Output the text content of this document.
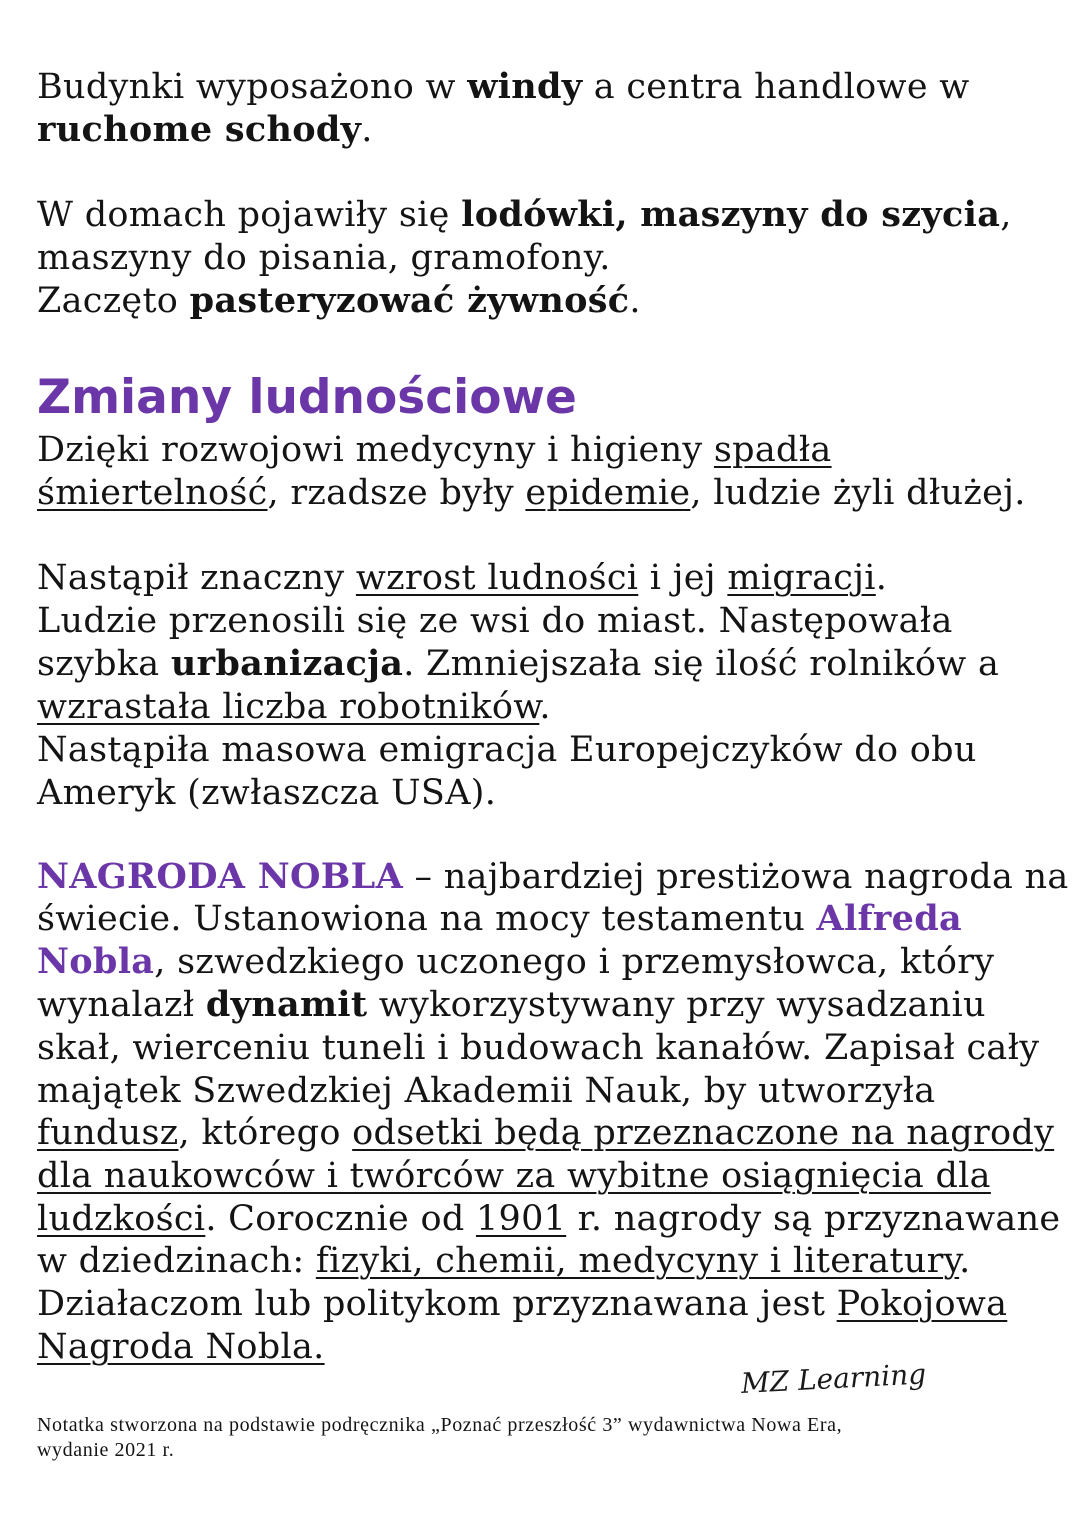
Budynki wyposażono w windy a centra handlowe w
ruchome schody.
W domach pojawiły się lodówki, maszyny do szycia,
maszyny do pisania, gramofony.
Zaczęto pasteryzować żywność.
Zmiany ludnościowe
Dzięki rozwojowi medycyny i higieny spadła
śmiertelność, rzadsze były epidemie, ludzie żyli dłużej.
Nastąpił znaczny wzrost ludności i jej migracji.
Ludzie przenosili się ze wsi do miast. Następowała
szybka urbanizacja. Zmniejszała się ilość rolników a
wzrastała liczba robotników.
Nastąpiła masowa emigracja Europejczyków do obu
Ameryk (zwłaszcza USA).
NAGRODA NOBLA – najbardziej prestiżowa nagroda na
świecie. Ustanowiona na mocy testamentu Alfreda
Nobla, szwedzkiego uczonego i przemysłowca, który
wynalazł dynamit wykorzystywany przy wysadzaniu
skał, wierceniu tuneli i budowach kanałów. Zapisał cały
majątek Szwedzkiej Akademii Nauk, by utworzyła
fundusz, którego odsetki będą przeznaczone na nagrody
dla naukowców i twórców za wybitne osiągnięcia dla
ludzkości. Corocznie od 1901 r. nagrody są przyznawane
w dziedzinach: fizyki, chemii, medycyny i literatury.
Działaczom lub politykom przyznawana jest Pokojowa
Nagroda Nobla.
MZ Learning
Notatka stworzona na podstawie podręcznika „Poznać przeszłość 3” wydawnictwa Nowa Era,
wydanie 2021 r.
